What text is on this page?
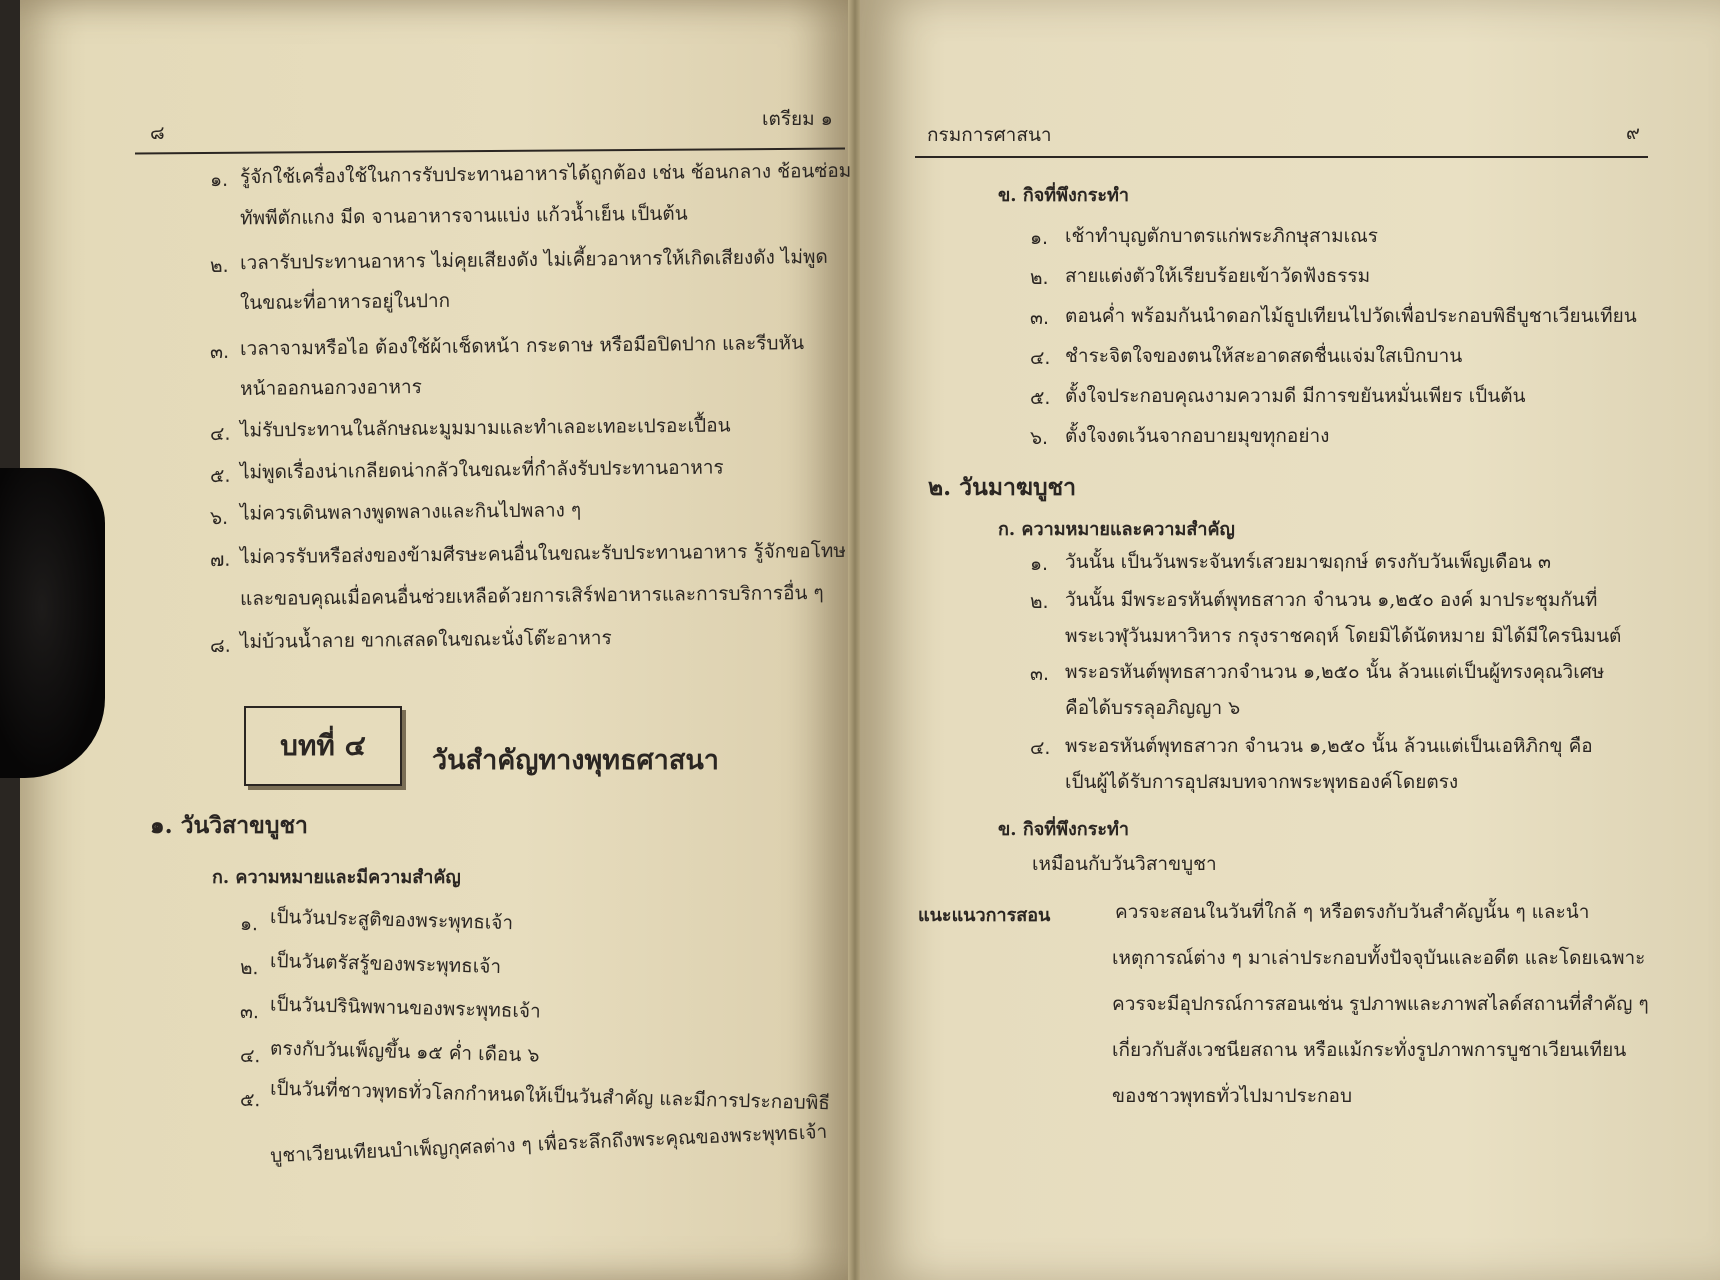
๘
เตรียม ๑
๑. รู้จักใช้เครื่องใช้ในการรับประทานอาหารได้ถูกต้อง เช่น ช้อนกลาง ช้อนซ่อม
ทัพพีตักแกง มีด จานอาหารจานแบ่ง แก้วน้ำเย็น เป็นต้น
๒. เวลารับประทานอาหาร ไม่คุยเสียงดัง ไม่เคี้ยวอาหารให้เกิดเสียงดัง ไม่พูด
ในขณะที่อาหารอยู่ในปาก
๓. เวลาจามหรือไอ ต้องใช้ผ้าเช็ดหน้า กระดาษ หรือมือปิดปาก และรีบหัน
หน้าออกนอกวงอาหาร
๔. ไม่รับประทานในลักษณะมูมมามและทำเลอะเทอะเปรอะเปื้อน
๕. ไม่พูดเรื่องน่าเกลียดน่ากลัวในขณะที่กำลังรับประทานอาหาร
๖. ไม่ควรเดินพลางพูดพลางและกินไปพลาง ๆ
๗. ไม่ควรรับหรือส่งของข้ามศีรษะคนอื่นในขณะรับประทานอาหาร รู้จักขอโทษ
และขอบคุณเมื่อคนอื่นช่วยเหลือด้วยการเสิร์ฟอาหารและการบริการอื่น ๆ
๘. ไม่บ้วนน้ำลาย ขากเสลดในขณะนั่งโต๊ะอาหาร
บทที่ ๔ วันสำคัญทางพุทธศาสนา
๑. วันวิสาขบูชา
ก. ความหมายและมีความสำคัญ
๑. เป็นวันประสูติของพระพุทธเจ้า
๒. เป็นวันตรัสรู้ของพระพุทธเจ้า
๓. เป็นวันปรินิพพานของพระพุทธเจ้า
๔. ตรงกับวันเพ็ญขึ้น ๑๕ ค่ำ เดือน ๖
๕. เป็นวันที่ชาวพุทธทั่วโลกกำหนดให้เป็นวันสำคัญ และมีการประกอบพิธี
บูชาเวียนเทียนบำเพ็ญกุศลต่าง ๆ เพื่อระลึกถึงพระคุณของพระพุทธเจ้า
กรมการศาสนา	๙
ข. กิจที่พึงกระทำ
๑. เช้าทำบุญตักบาตรแก่พระภิกษุสามเณร
๒. สายแต่งตัวให้เรียบร้อยเข้าวัดฟังธรรม
๓. ตอนค่ำ พร้อมกันนำดอกไม้ธูปเทียนไปวัดเพื่อประกอบพิธีบูชาเวียนเทียน
๔. ชำระจิตใจของตนให้สะอาดสดชื่นแจ่มใสเบิกบาน
๕. ตั้งใจประกอบคุณงามความดี มีการขยันหมั่นเพียร เป็นต้น
๖. ตั้งใจงดเว้นจากอบายมุขทุกอย่าง
๒. วันมาฆบูชา
ก. ความหมายและความสำคัญ
๑. วันนั้น เป็นวันพระจันทร์เสวยมาฆฤกษ์ ตรงกับวันเพ็ญเดือน ๓
๒. วันนั้น มีพระอรหันต์พุทธสาวก จำนวน ๑,๒๕๐ องค์ มาประชุมกันที่
พระเวฬุวันมหาวิหาร กรุงราชคฤห์ โดยมิได้นัดหมาย มิได้มีใครนิมนต์
๓. พระอรหันต์พุทธสาวกจำนวน ๑,๒๕๐ นั้น ล้วนแต่เป็นผู้ทรงคุณวิเศษ
คือได้บรรลุอภิญญา ๖
๔. พระอรหันต์พุทธสาวก จำนวน ๑,๒๕๐ นั้น ล้วนแต่เป็นเอหิภิกขุ คือ
เป็นผู้ได้รับการอุปสมบทจากพระพุทธองค์โดยตรง
ข. กิจที่พึงกระทำ
เหมือนกับวันวิสาขบูชา
แนะแนวการสอน	ควรจะสอนในวันที่ใกล้ ๆ หรือตรงกับวันสำคัญนั้น ๆ และนำ
เหตุการณ์ต่าง ๆ มาเล่าประกอบทั้งปัจจุบันและอดีต และโดยเฉพาะ
ควรจะมีอุปกรณ์การสอนเช่น รูปภาพและภาพสไลด์สถานที่สำคัญ ๆ
เกี่ยวกับสังเวชนียสถาน หรือแม้กระทั่งรูปภาพการบูชาเวียนเทียน
ของชาวพุทธทั่วไปมาประกอบ
